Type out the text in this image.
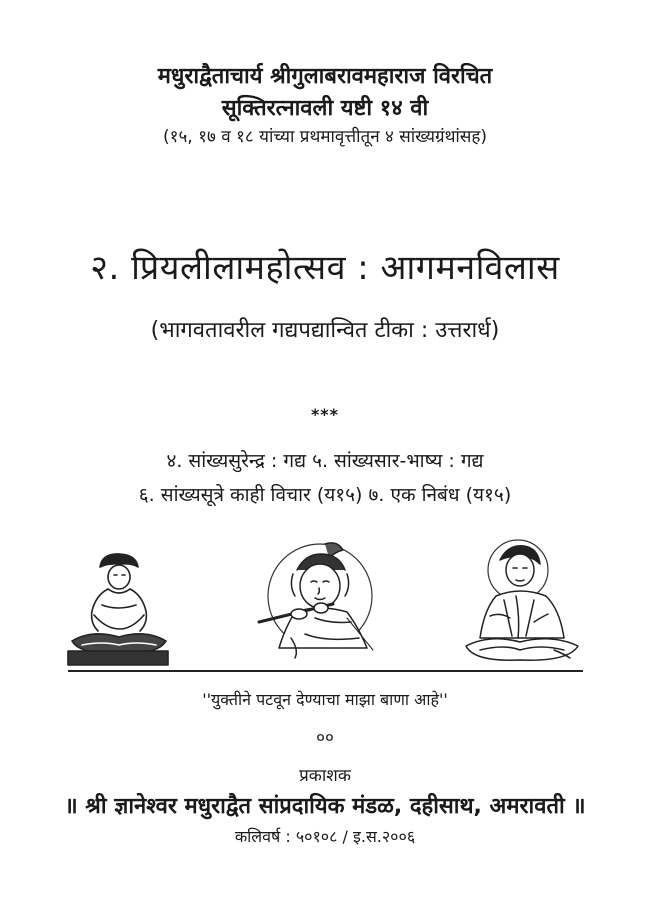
मधुराद्वैताचार्य श्रीगुलाबरावमहाराज विरचित
सूक्तिरत्नावली यष्टी १४ वी
(१५, १७ व १८ यांच्या प्रथमावृत्तीतून ४ सांख्यग्रंथांसह)
२. प्रियलीलामहोत्सव : आगमनविलास
(भागवतावरील गद्यपद्यान्वित टीका : उत्तरार्ध)
***
४. सांख्यसुरेन्द्र : गद्य ५. सांख्यसार-भाष्य : गद्य
६. सांख्यसूत्रे काही विचार (य१५) ७. एक निबंध (य१५)
''युक्तीने पटवून देण्याचा माझा बाणा आहे''
००
प्रकाशक
॥ श्री ज्ञानेश्वर मधुराद्वैत सांप्रदायिक मंडळ, दहीसाथ, अमरावती ॥
कलिवर्ष : ५०१०८ / इ.स.२००६
